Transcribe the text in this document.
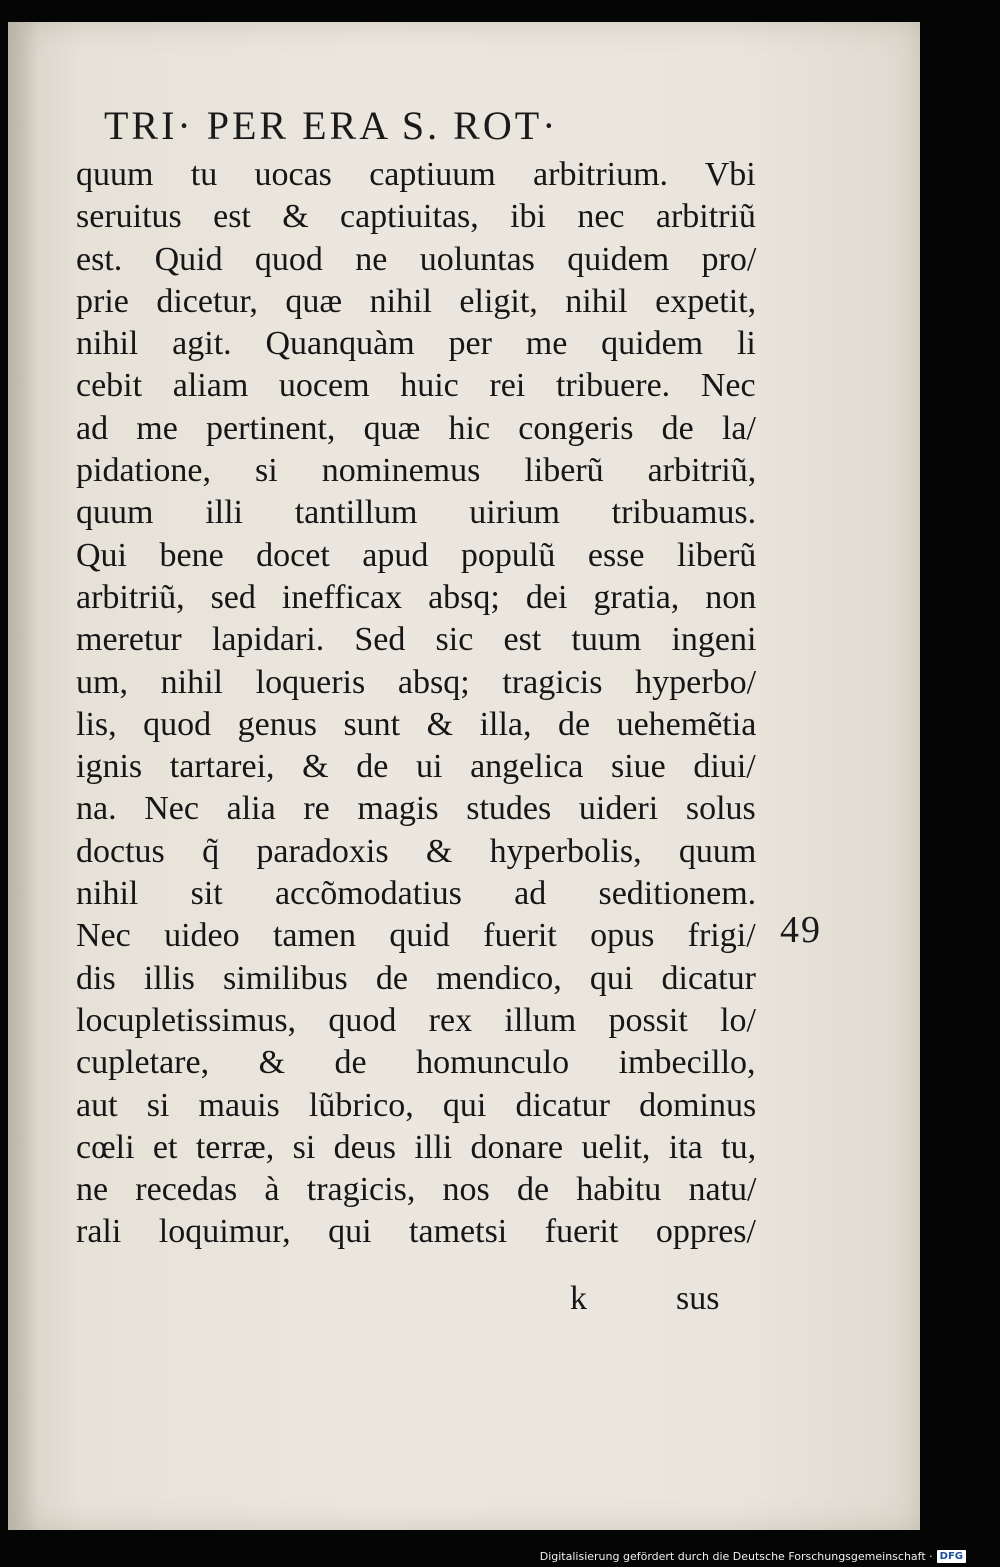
TRI· PER ERA S. ROT·
quum tu uocas captiuum arbitrium. Vbi
seruitus est & captiuitas, ibi nec arbitriũ
est. Quid quod ne uoluntas quidem pro/
prie dicetur, quæ nihil eligit, nihil expetit,
nihil agit. Quanquàm per me quidem li
cebit aliam uocem huic rei tribuere. Nec
ad me pertinent, quæ hic congeris de la/
pidatione, si nominemus liberũ arbitriũ,
quum illi tantillum uirium tribuamus.
Qui bene docet apud populũ esse liberũ
arbitriũ, sed inefficax absq; dei gratia, non
meretur lapidari. Sed sic est tuum ingeni
um, nihil loqueris absq; tragicis hyperbo/
lis, quod genus sunt & illa, de uehemẽtia
ignis tartarei, & de ui angelica siue diui/
na. Nec alia re magis studes uideri solus
doctus q̃ paradoxis & hyperbolis, quum
nihil sit accõmodatius ad seditionem.
Nec uideo tamen quid fuerit opus frigi/
dis illis similibus de mendico, qui dicatur
locupletissimus, quod rex illum possit lo/
cupletare, & de homunculo imbecillo,
aut si mauis lũbrico, qui dicatur dominus
cœli et terræ, si deus illi donare uelit, ita tu,
ne recedas à tragicis, nos de habitu natu/
rali loquimur, qui tametsi fuerit oppres/
49
k	sus
Digitalisierung gefördert durch die Deutsche Forschungsgemeinschaft · DFG
